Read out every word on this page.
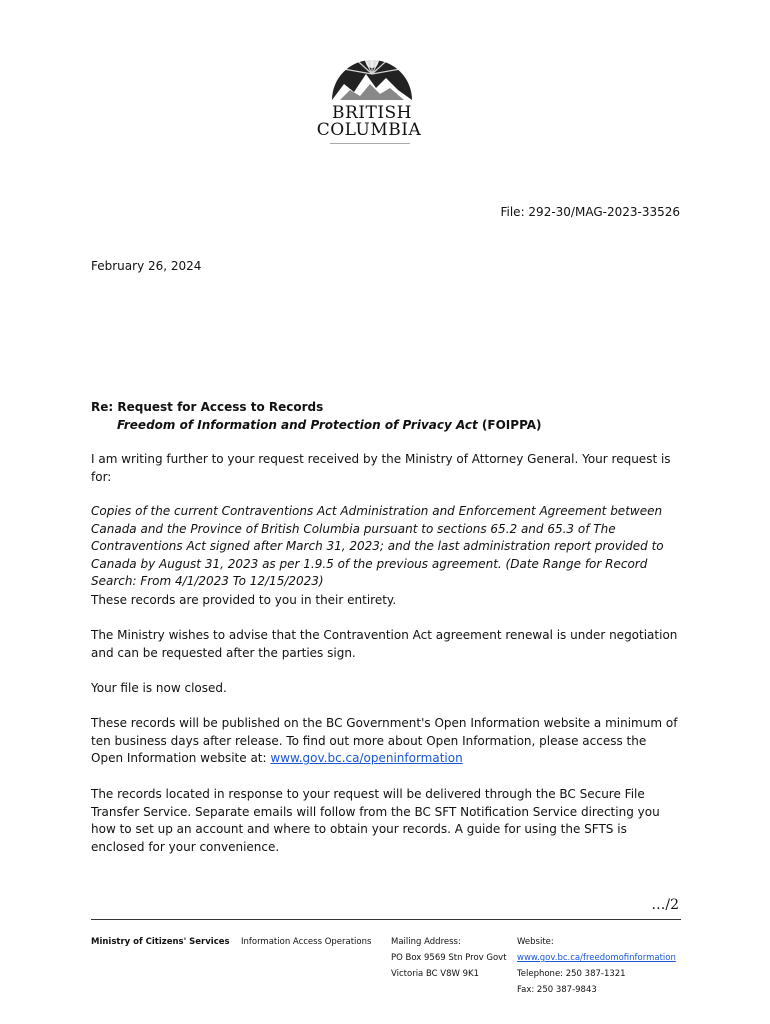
BRITISH
COLUMBIA
File: 292-30/MAG-2023-33526
February 26, 2024
Re: Request for Access to Records
Freedom of Information and Protection of Privacy Act (FOIPPA)

I am writing further to your request received by the Ministry of Attorney General. Your request is for:

Copies of the current Contraventions Act Administration and Enforcement Agreement between Canada and the Province of British Columbia pursuant to sections 65.2 and 65.3 of The Contraventions Act signed after March 31, 2023; and the last administration report provided to Canada by August 31, 2023 as per 1.9.5 of the previous agreement. (Date Range for Record Search: From 4/1/2023 To 12/15/2023)

These records are provided to you in their entirety.

The Ministry wishes to advise that the Contravention Act agreement renewal is under negotiation and can be requested after the parties sign.

Your file is now closed.

These records will be published on the BC Government's Open Information website a minimum of ten business days after release. To find out more about Open Information, please access the Open Information website at: www.gov.bc.ca/openinformation

The records located in response to your request will be delivered through the BC Secure File Transfer Service. Separate emails will follow from the BC SFT Notification Service directing you how to set up an account and where to obtain your records. A guide for using the SFTS is enclosed for your convenience.

…/2
Ministry of Citizens' Services Information Access Operations Mailing Address:
PO Box 9569 Stn Prov Govt
Victoria BC V8W 9K1
Website:
www.gov.bc.ca/freedomofinformation
Telephone: 250 387-1321
Fax: 250 387-9843
